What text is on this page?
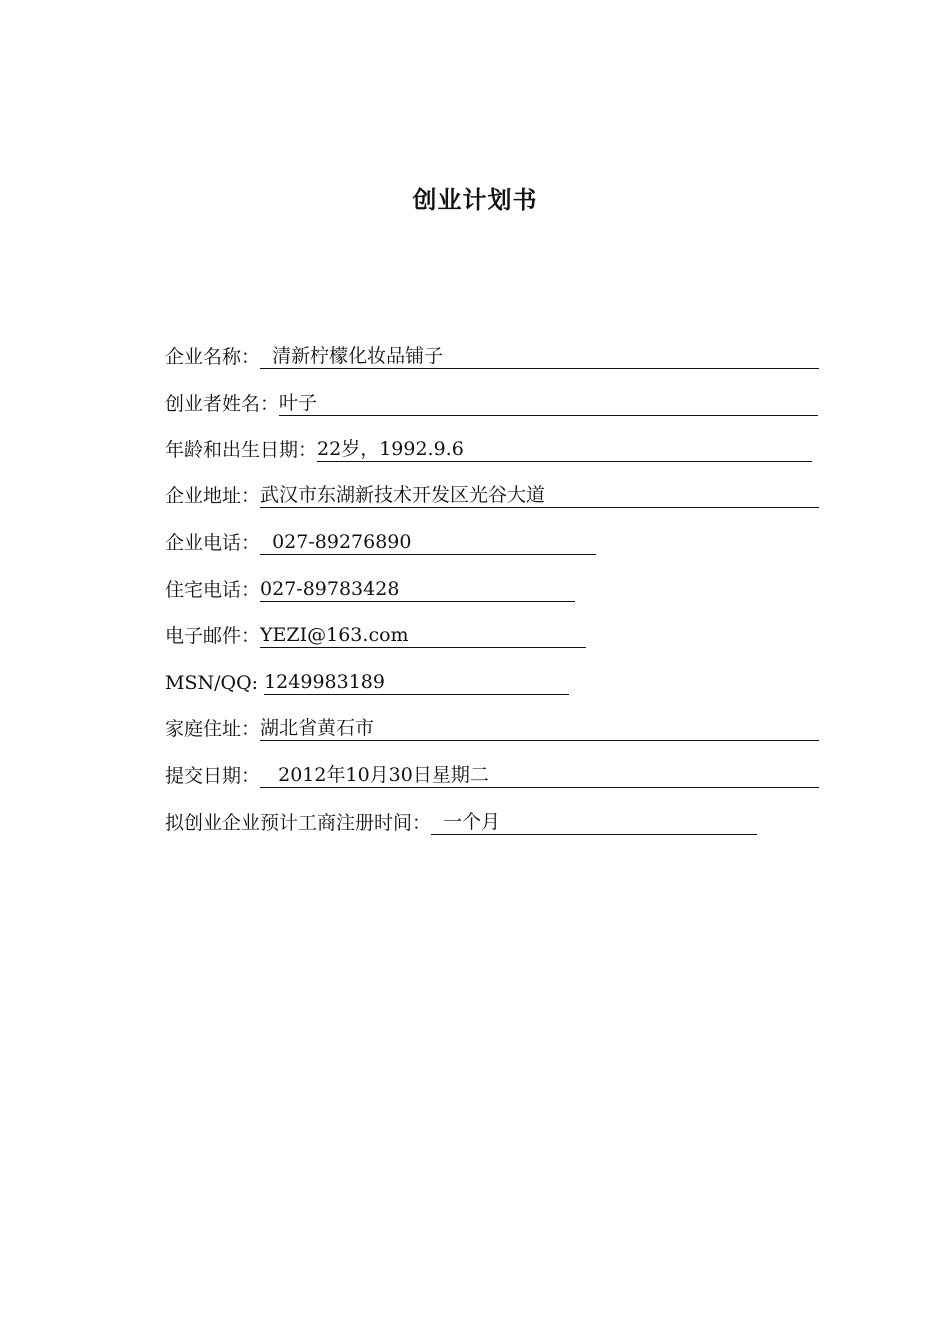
创业计划书
企业名称： 清新柠檬化妆品铺子
创业者姓名： 叶子
年龄和出生日期： 22岁，1992.9.6
企业地址： 武汉市东湖新技术开发区光谷大道
企业电话： 027-89276890
住宅电话： 027-89783428
电子邮件： YEZI@163.com
MSN/QQ: 1249983189
家庭住址： 湖北省黄石市
提交日期： 2012年10月30日星期二
拟创业企业预计工商注册时间： 一个月
